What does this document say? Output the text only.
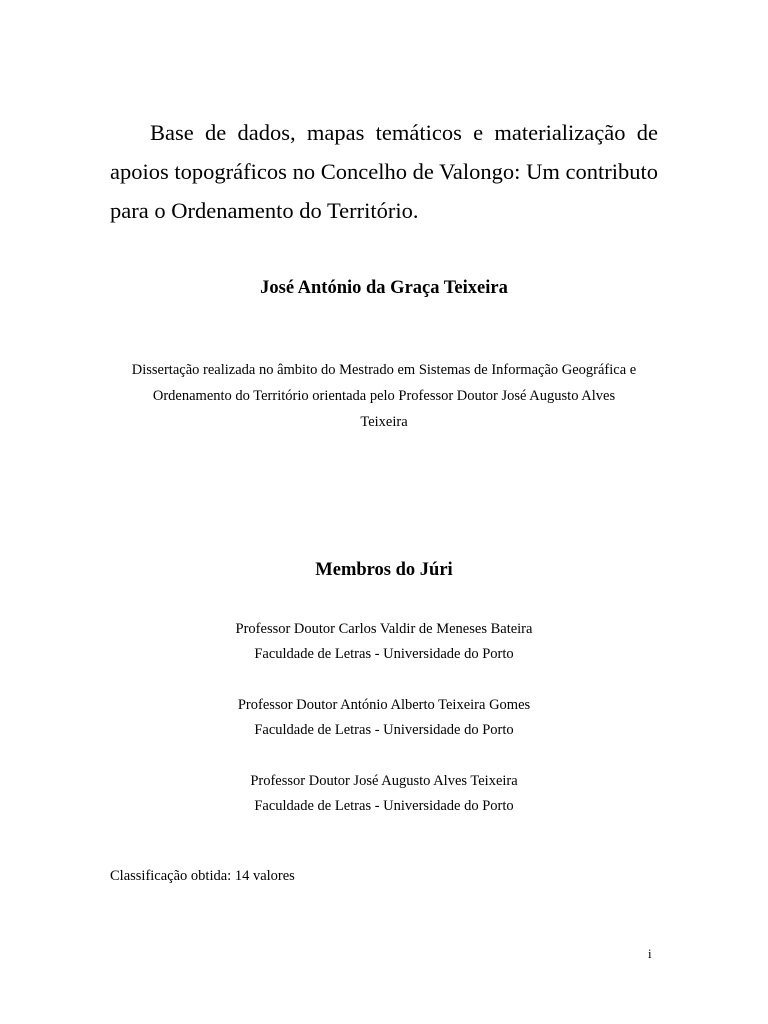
Base de dados, mapas temáticos e materialização de apoios topográficos no Concelho de Valongo: Um contributo para o Ordenamento do Território.

José António da Graça Teixeira

Dissertação realizada no âmbito do Mestrado em Sistemas de Informação Geográfica e
Ordenamento do Território orientada pelo Professor Doutor José Augusto Alves
Teixeira

Membros do Júri

Professor Doutor Carlos Valdir de Meneses Bateira
Faculdade de Letras - Universidade do Porto

Professor Doutor António Alberto Teixeira Gomes
Faculdade de Letras - Universidade do Porto

Professor Doutor José Augusto Alves Teixeira
Faculdade de Letras - Universidade do Porto

Classificação obtida: 14 valores

i
